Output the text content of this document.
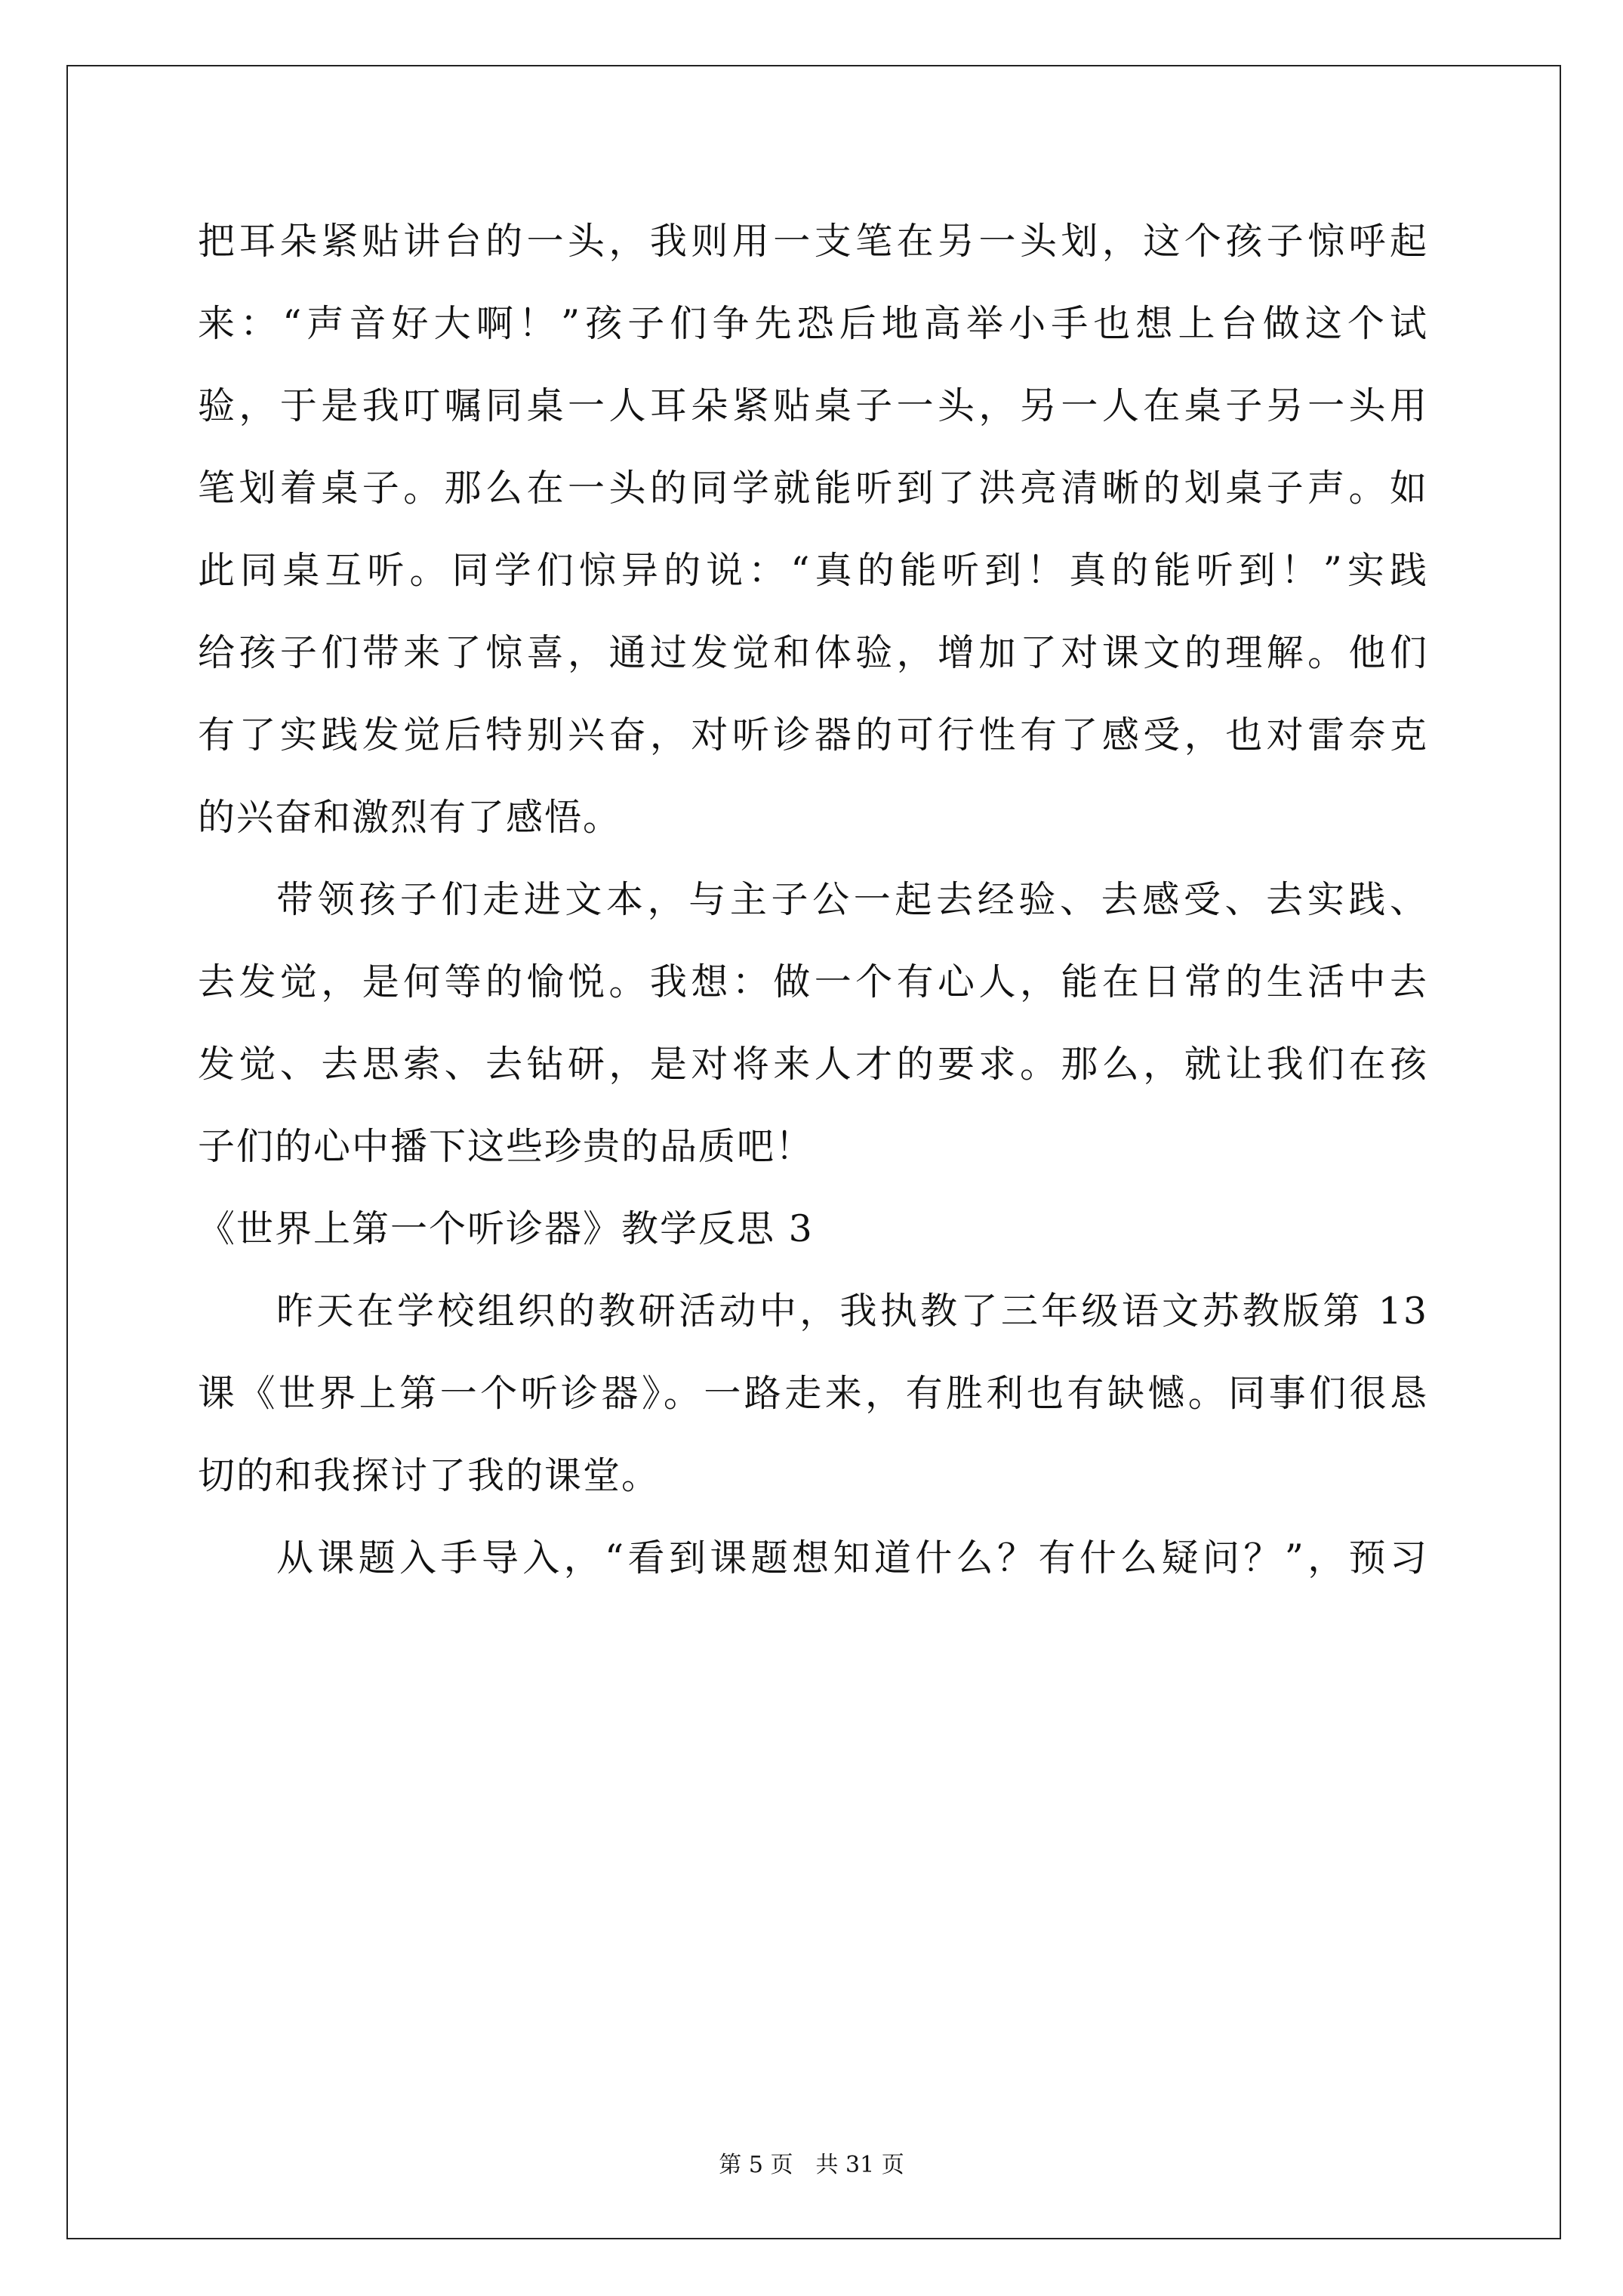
把耳朵紧贴讲台的一头，我则用一支笔在另一头划，这个孩子惊呼起
来：“声音好大啊！”孩子们争先恐后地高举小手也想上台做这个试
验，于是我叮嘱同桌一人耳朵紧贴桌子一头，另一人在桌子另一头用
笔划着桌子。那么在一头的同学就能听到了洪亮清晰的划桌子声。如
此同桌互听。同学们惊异的说：“真的能听到！真的能听到！”实践
给孩子们带来了惊喜，通过发觉和体验，增加了对课文的理解。他们
有了实践发觉后特别兴奋，对听诊器的可行性有了感受，也对雷奈克
的兴奋和激烈有了感悟。
带领孩子们走进文本，与主子公一起去经验、去感受、去实践、
去发觉，是何等的愉悦。我想：做一个有心人，能在日常的生活中去
发觉、去思索、去钻研，是对将来人才的要求。那么，就让我们在孩
子们的心中播下这些珍贵的品质吧！
《世界上第一个听诊器》教学反思 3
昨天在学校组织的教研活动中，我执教了三年级语文苏教版第 13
课《世界上第一个听诊器》。一路走来，有胜利也有缺憾。同事们很恳
切的和我探讨了我的课堂。
从课题入手导入，“看到课题想知道什么？有什么疑问？”，预习
第 5 页 共 31 页
